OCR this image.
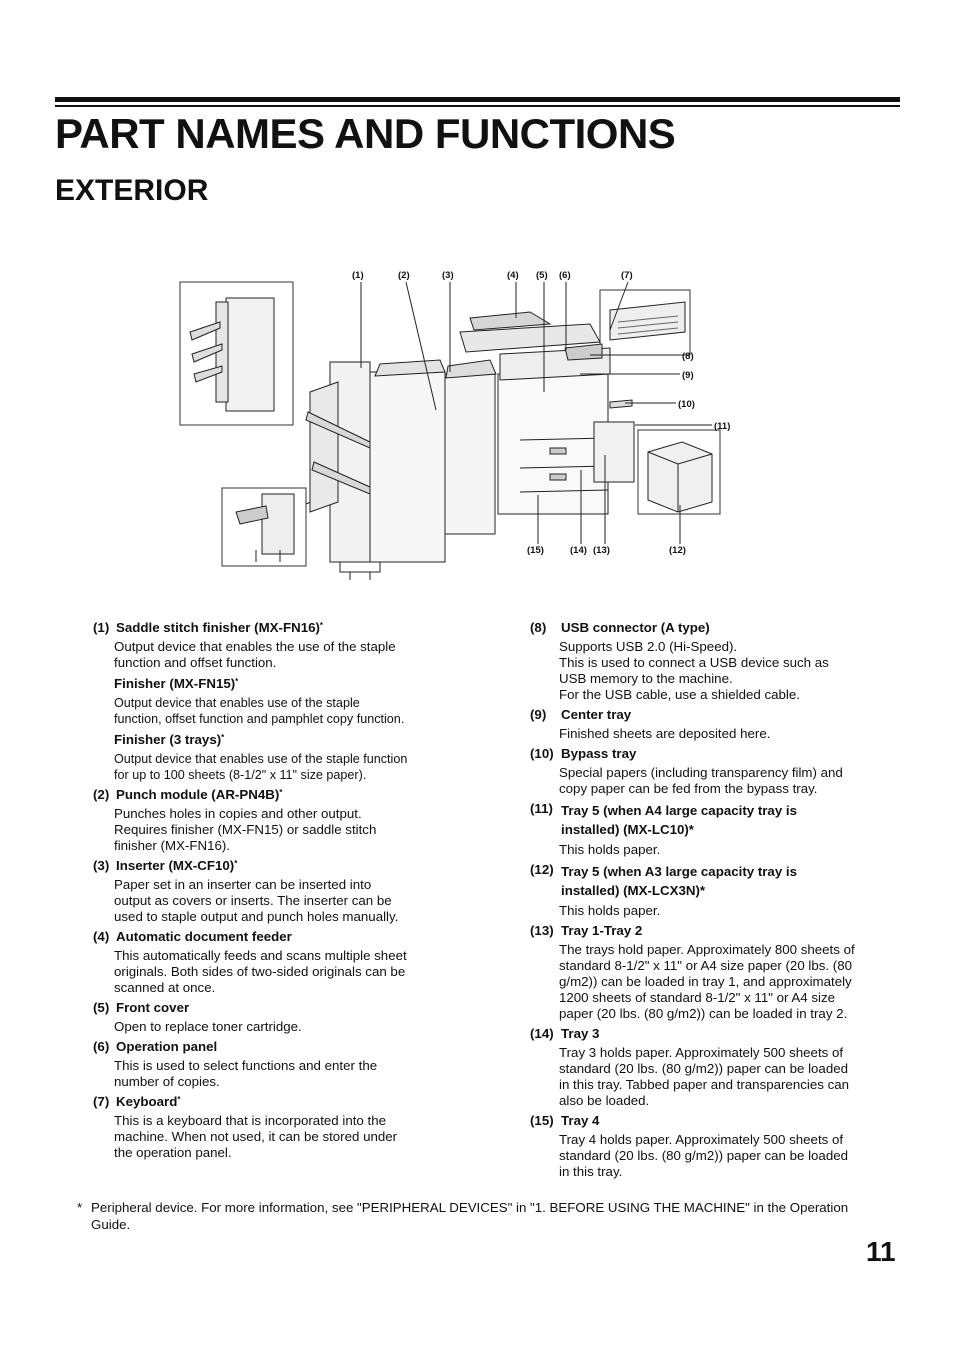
PART NAMES AND FUNCTIONS
EXTERIOR
(1)	(2)	(3)	(4) (5) (6)	(7)
(8)
(9)
(10)
(11)
(12)
(13)
(14)
(15)
(1) Saddle stitch finisher (MX-FN16)*
Output device that enables the use of the staple
function and offset function.
Finisher (MX-FN15)*
Output device that enables use of the staple
function, offset function and pamphlet copy function.
Finisher (3 trays)*
Output device that enables use of the staple function
for up to 100 sheets (8-1/2" x 11" size paper).
(2) Punch module (AR-PN4B)*
Punches holes in copies and other output.
Requires finisher (MX-FN15) or saddle stitch
finisher (MX-FN16).
(3) Inserter (MX-CF10)*
Paper set in an inserter can be inserted into
output as covers or inserts. The inserter can be
used to staple output and punch holes manually.
(4) Automatic document feeder
This automatically feeds and scans multiple sheet
originals. Both sides of two-sided originals can be
scanned at once.
(5) Front cover
Open to replace toner cartridge.
(6) Operation panel
This is used to select functions and enter the
number of copies.
(7) Keyboard*
This is a keyboard that is incorporated into the
machine. When not used, it can be stored under
the operation panel.
(8)	USB connector (A type)
Supports USB 2.0 (Hi-Speed).
This is used to connect a USB device such as
USB memory to the machine.
For the USB cable, use a shielded cable.
(9)	Center tray
Finished sheets are deposited here.
(10) Bypass tray
Special papers (including transparency film) and
copy paper can be fed from the bypass tray.
(11) Tray 5 (when A4 large capacity tray is
installed) (MX-LC10)*
This holds paper.
(12) Tray 5 (when A3 large capacity tray is
installed) (MX-LCX3N)*
This holds paper.
(13) Tray 1-Tray 2
The trays hold paper. Approximately 800 sheets of
standard 8-1/2" x 11" or A4 size paper (20 lbs. (80
g/m2)) can be loaded in tray 1, and approximately
1200 sheets of standard 8-1/2" x 11" or A4 size
paper (20 lbs. (80 g/m2)) can be loaded in tray 2.
(14) Tray 3
Tray 3 holds paper. Approximately 500 sheets of
standard (20 lbs. (80 g/m2)) paper can be loaded
in this tray. Tabbed paper and transparencies can
also be loaded.
(15) Tray 4
Tray 4 holds paper. Approximately 500 sheets of
standard (20 lbs. (80 g/m2)) paper can be loaded
in this tray.
* Peripheral device. For more information, see "PERIPHERAL DEVICES" in "1. BEFORE USING THE MACHINE" in the Operation Guide.
11
